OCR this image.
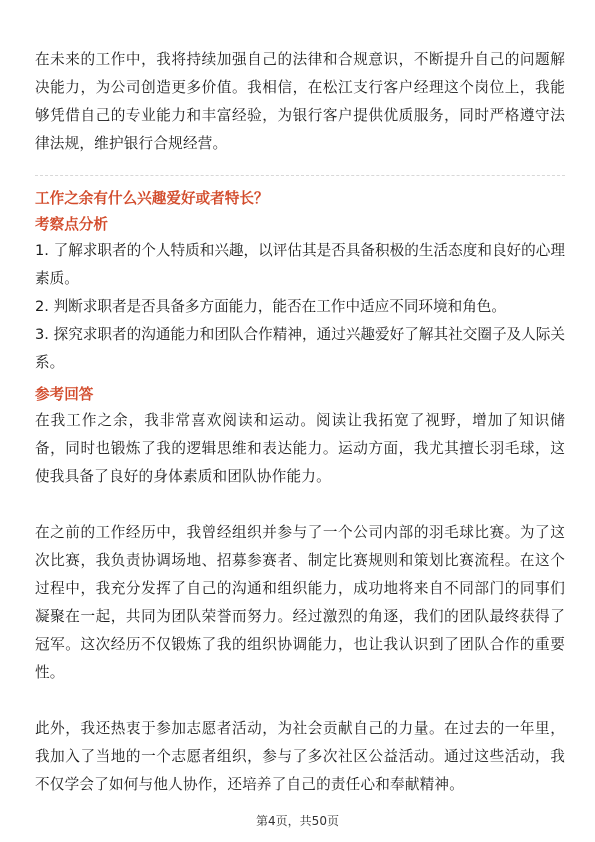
在未来的工作中，我将持续加强自己的法律和合规意识，不断提升自己的问题解决能力，为公司创造更多价值。我相信，在松江支行客户经理这个岗位上，我能够凭借自己的专业能力和丰富经验，为银行客户提供优质服务，同时严格遵守法律法规，维护银行合规经营。

工作之余有什么兴趣爱好或者特长？

考察点分析

1. 了解求职者的个人特质和兴趣，以评估其是否具备积极的生活态度和良好的心理素质。

2. 判断求职者是否具备多方面能力，能否在工作中适应不同环境和角色。

3. 探究求职者的沟通能力和团队合作精神，通过兴趣爱好了解其社交圈子及人际关系。

参考回答

在我工作之余，我非常喜欢阅读和运动。阅读让我拓宽了视野，增加了知识储备，同时也锻炼了我的逻辑思维和表达能力。运动方面，我尤其擅长羽毛球，这使我具备了良好的身体素质和团队协作能力。

在之前的工作经历中，我曾经组织并参与了一个公司内部的羽毛球比赛。为了这次比赛，我负责协调场地、招募参赛者、制定比赛规则和策划比赛流程。在这个过程中，我充分发挥了自己的沟通和组织能力，成功地将来自不同部门的同事们凝聚在一起，共同为团队荣誉而努力。经过激烈的角逐，我们的团队最终获得了冠军。这次经历不仅锻炼了我的组织协调能力，也让我认识到了团队合作的重要性。

此外，我还热衷于参加志愿者活动，为社会贡献自己的力量。在过去的一年里，我加入了当地的一个志愿者组织，参与了多次社区公益活动。通过这些活动，我不仅学会了如何与他人协作，还培养了自己的责任心和奉献精神。

第4页，共50页
